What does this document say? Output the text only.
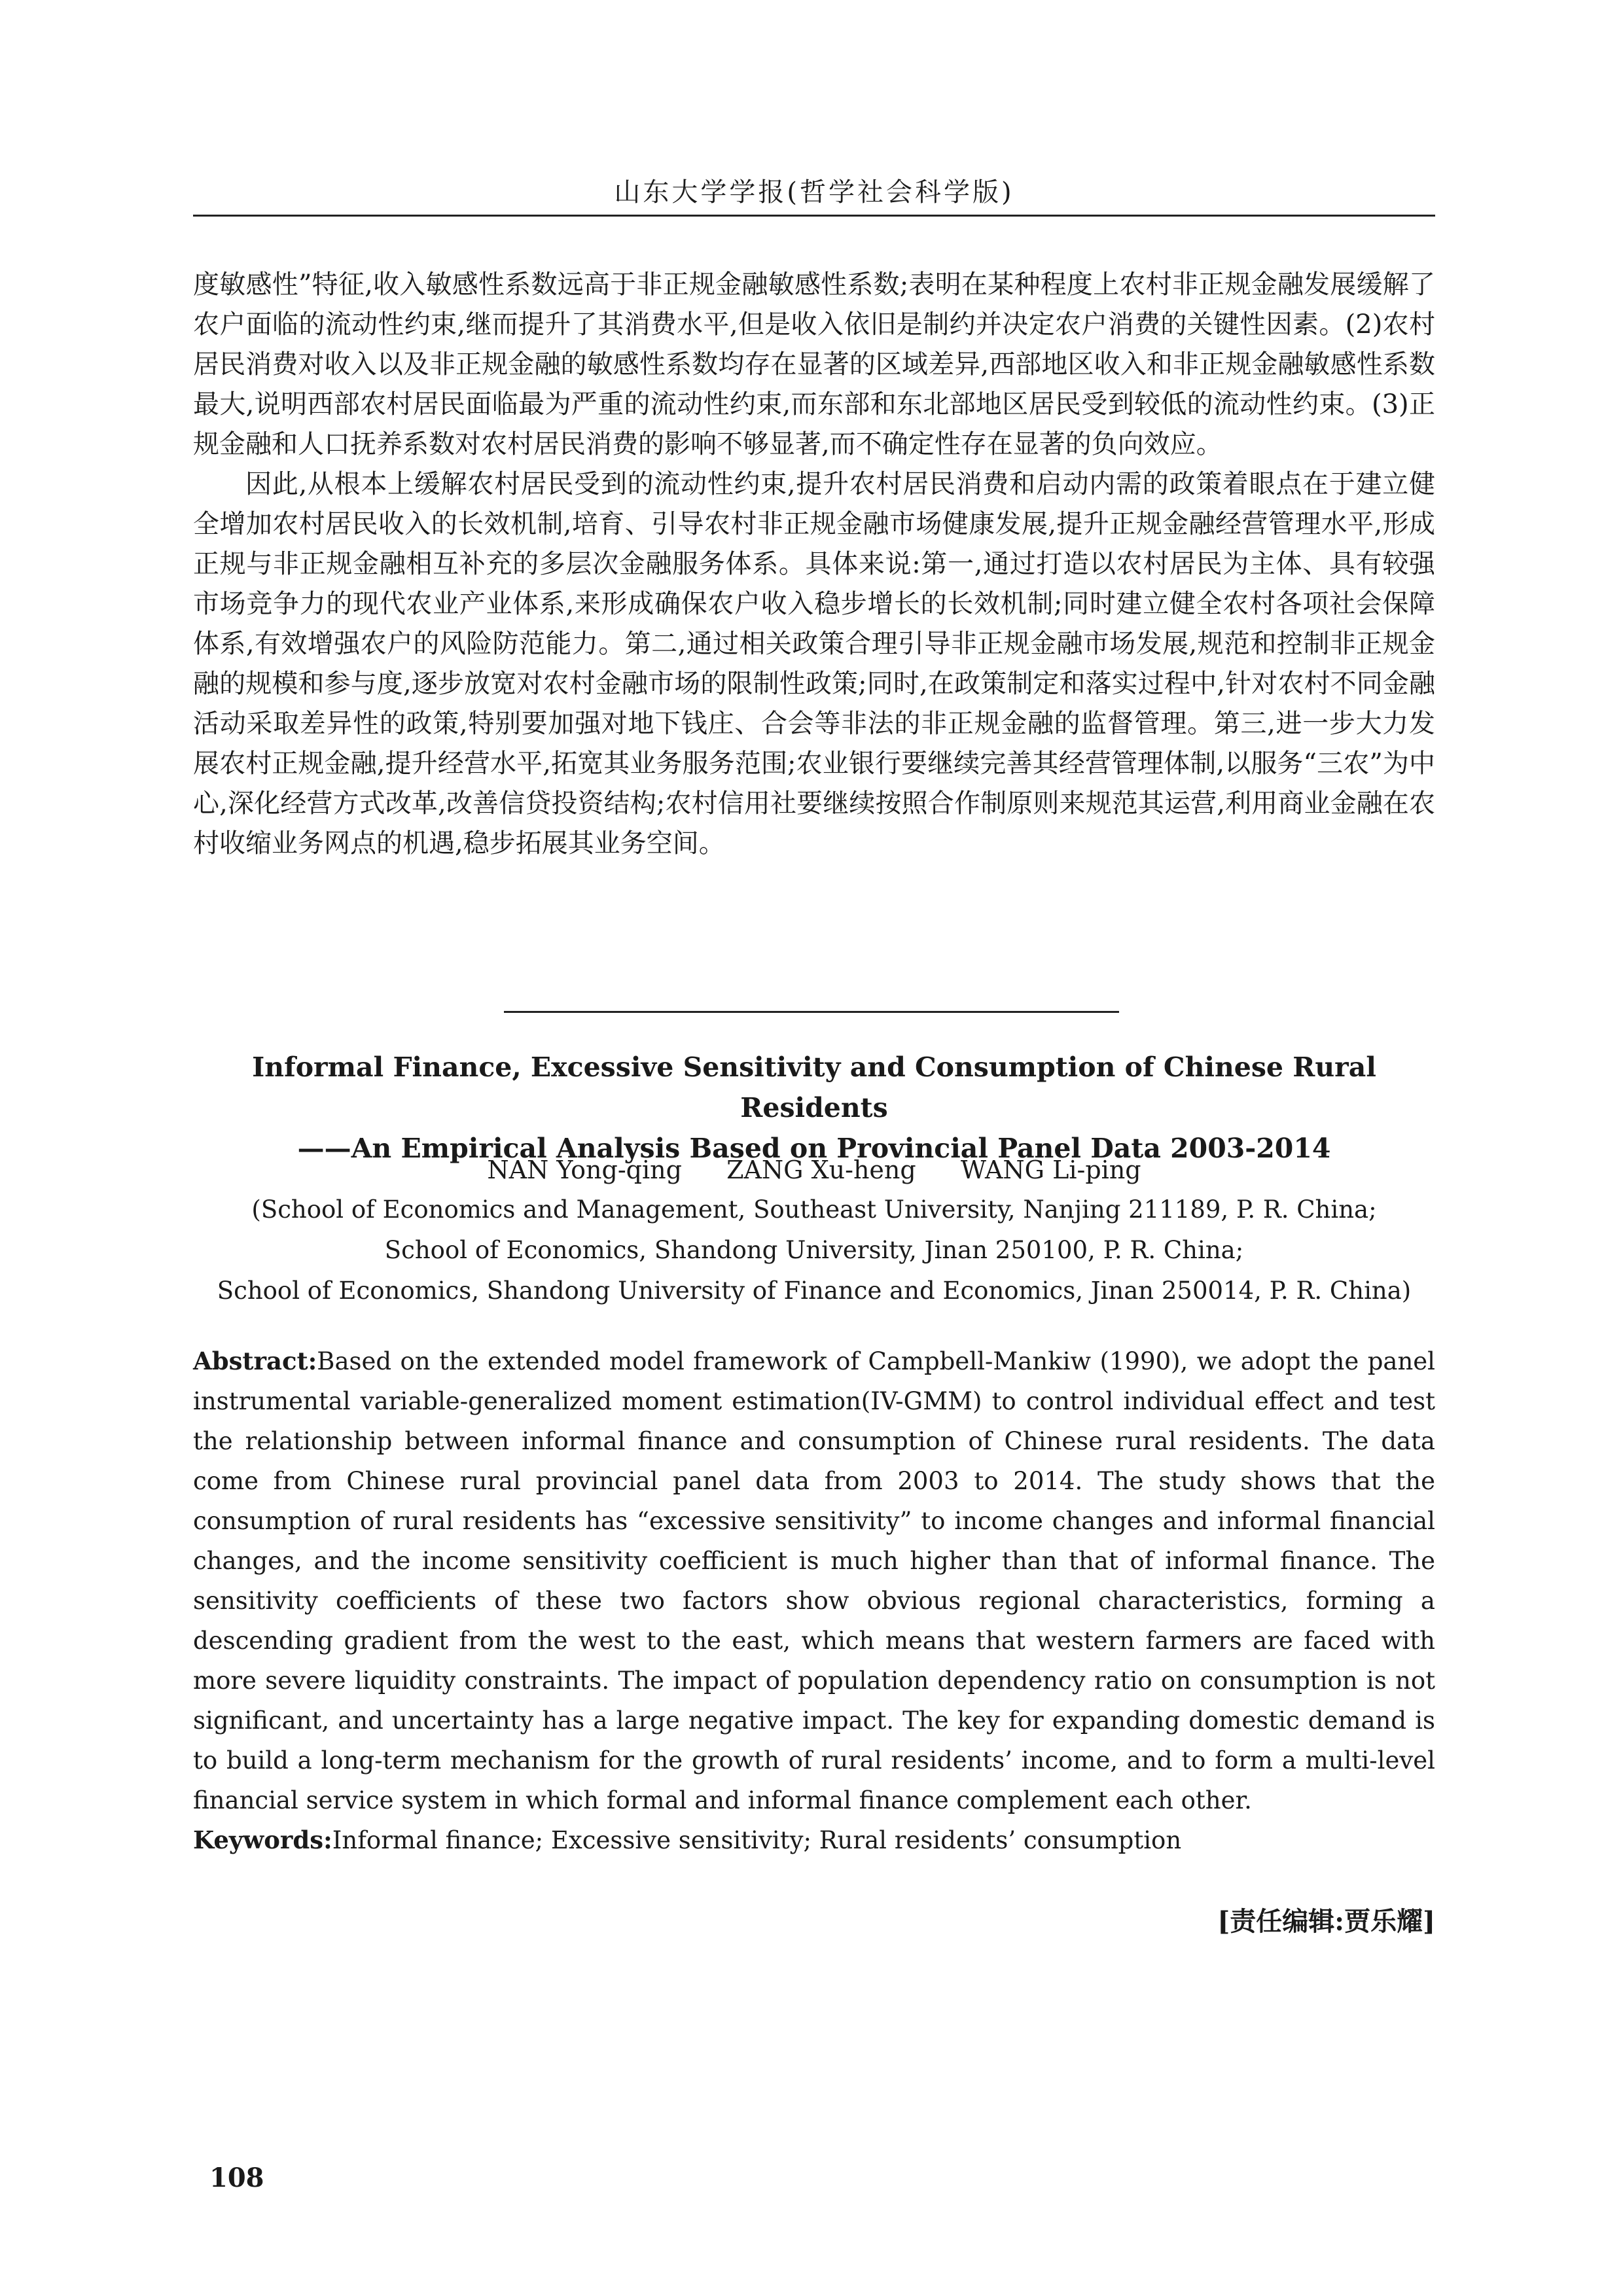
山东大学学报(哲学社会科学版)

度敏感性”特征,收入敏感性系数远高于非正规金融敏感性系数;表明在某种程度上农村非正规金融发展缓解了农户面临的流动性约束,继而提升了其消费水平,但是收入依旧是制约并决定农户消费的关键性因素。(2)农村居民消费对收入以及非正规金融的敏感性系数均存在显著的区域差异,西部地区收入和非正规金融敏感性系数最大,说明西部农村居民面临最为严重的流动性约束,而东部和东北部地区居民受到较低的流动性约束。(3)正规金融和人口抚养系数对农村居民消费的影响不够显著,而不确定性存在显著的负向效应。

因此,从根本上缓解农村居民受到的流动性约束,提升农村居民消费和启动内需的政策着眼点在于建立健全增加农村居民收入的长效机制,培育、引导农村非正规金融市场健康发展,提升正规金融经营管理水平,形成正规与非正规金融相互补充的多层次金融服务体系。具体来说:第一,通过打造以农村居民为主体、具有较强市场竞争力的现代农业产业体系,来形成确保农户收入稳步增长的长效机制;同时建立健全农村各项社会保障体系,有效增强农户的风险防范能力。第二,通过相关政策合理引导非正规金融市场发展,规范和控制非正规金融的规模和参与度,逐步放宽对农村金融市场的限制性政策;同时,在政策制定和落实过程中,针对农村不同金融活动采取差异性的政策,特别要加强对地下钱庄、合会等非法的非正规金融的监督管理。第三,进一步大力发展农村正规金融,提升经营水平,拓宽其业务服务范围;农业银行要继续完善其经营管理体制,以服务“三农”为中心,深化经营方式改革,改善信贷投资结构;农村信用社要继续按照合作制原则来规范其运营,利用商业金融在农村收缩业务网点的机遇,稳步拓展其业务空间。

Informal Finance, Excessive Sensitivity and Consumption of Chinese Rural Residents
——An Empirical Analysis Based on Provincial Panel Data 2003-2014
NAN Yong-qing ZANG Xu-heng WANG Li-ping
(School of Economics and Management, Southeast University, Nanjing 211189, P. R. China;
School of Economics, Shandong University, Jinan 250100, P. R. China;
School of Economics, Shandong University of Finance and Economics, Jinan 250014, P. R. China)

Abstract:Based on the extended model framework of Campbell-Mankiw (1990), we adopt the panel instrumental variable-generalized moment estimation(IV-GMM) to control individual effect and test the relationship between informal finance and consumption of Chinese rural residents. The data come from Chinese rural provincial panel data from 2003 to 2014. The study shows that the consumption of rural residents has “excessive sensitivity” to income changes and informal financial changes, and the income sensitivity coefficient is much higher than that of informal finance. The sensitivity coefficients of these two factors show obvious regional characteristics, forming a descending gradient from the west to the east, which means that western farmers are faced with more severe liquidity constraints. The impact of population dependency ratio on consumption is not significant, and uncertainty has a large negative impact. The key for expanding domestic demand is to build a long-term mechanism for the growth of rural residents’ income, and to form a multi-level financial service system in which formal and informal finance complement each other.

Keywords:Informal finance; Excessive sensitivity; Rural residents’ consumption

[责任编辑:贾乐耀]
108
